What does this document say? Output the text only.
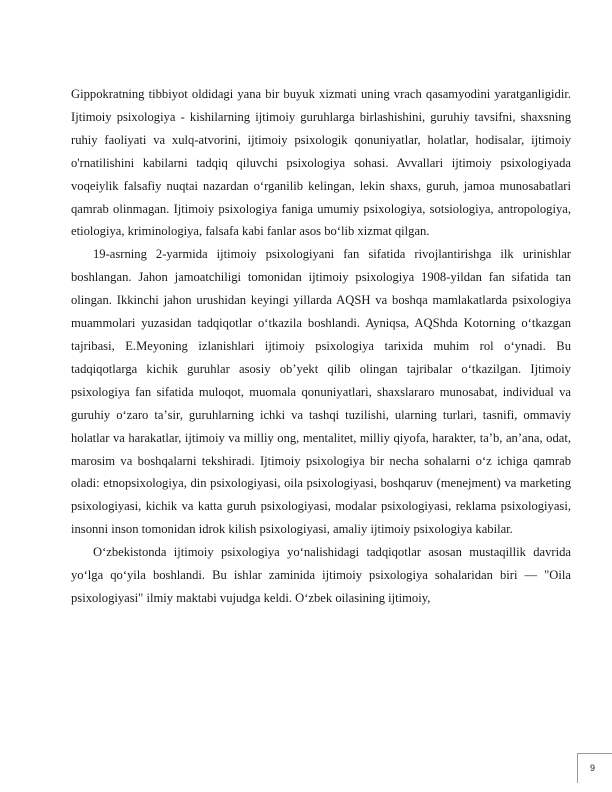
Gippokratning tibbiyot oldidagi yana bir buyuk xizmati uning vrach qasamyodini yaratganligidir. Ijtimoiy psixologiya - kishilarning ijtimoiy guruhlarga birlashishini, guruhiy tavsifni, shaxsning ruhiy faoliyati va xulq-atvorini, ijtimoiy psixologik qonuniyatlar, holatlar, hodisalar, ijtimoiy o'rnatilishini kabilarni tadqiq qiluvchi psixologiya sohasi. Avvallari ijtimoiy psixologiyada voqeiylik falsafiy nuqtai nazardan oʻrganilib kelingan, lekin shaxs, guruh, jamoa munosabatlari qamrab olinmagan. Ijtimoiy psixologiya faniga umumiy psixologiya, sotsiologiya, antropologiya, etiologiya, kriminologiya, falsafa kabi fanlar asos boʻlib xizmat qilgan.

19-asrning 2-yarmida ijtimoiy psixologiyani fan sifatida rivojlantirishga ilk urinishlar boshlangan. Jahon jamoatchiligi tomonidan ijtimoiy psixologiya 1908-yildan fan sifatida tan olingan. Ikkinchi jahon urushidan keyingi yillarda AQSH va boshqa mamlakatlarda psixologiya muammolari yuzasidan tadqiqotlar oʻtkazila boshlandi. Ayniqsa, AQShda Kotorning oʻtkazgan tajribasi, E.Meyoning izlanishlari ijtimoiy psixologiya tarixida muhim rol oʻynadi. Bu tadqiqotlarga kichik guruhlar asosiy obʼyekt qilib olingan tajribalar oʻtkazilgan. Ijtimoiy psixologiya fan sifatida muloqot, muomala qonuniyatlari, shaxslararo munosabat, individual va guruhiy oʻzaro taʼsir, guruhlarning ichki va tashqi tuzilishi, ularning turlari, tasnifi, ommaviy holatlar va harakatlar, ijtimoiy va milliy ong, mentalitet, milliy qiyofa, harakter, taʼb, anʼana, odat, marosim va boshqalarni tekshiradi. Ijtimoiy psixologiya bir necha sohalarni oʻz ichiga qamrab oladi: etnopsixologiya, din psixologiyasi, oila psixologiyasi, boshqaruv (menejment) va marketing psixologiyasi, kichik va katta guruh psixologiyasi, modalar psixologiyasi, reklama psixologiyasi, insonni inson tomonidan idrok kilish psixologiyasi, amaliy ijtimoiy psixologiya kabilar.

Oʻzbekistonda ijtimoiy psixologiya yoʻnalishidagi tadqiqotlar asosan mustaqillik davrida yoʻlga qoʻyila boshlandi. Bu ishlar zaminida ijtimoiy psixologiya sohalaridan biri — "Oila psixologiyasi" ilmiy maktabi vujudga keldi. Oʻzbek oilasining ijtimoiy,

9
